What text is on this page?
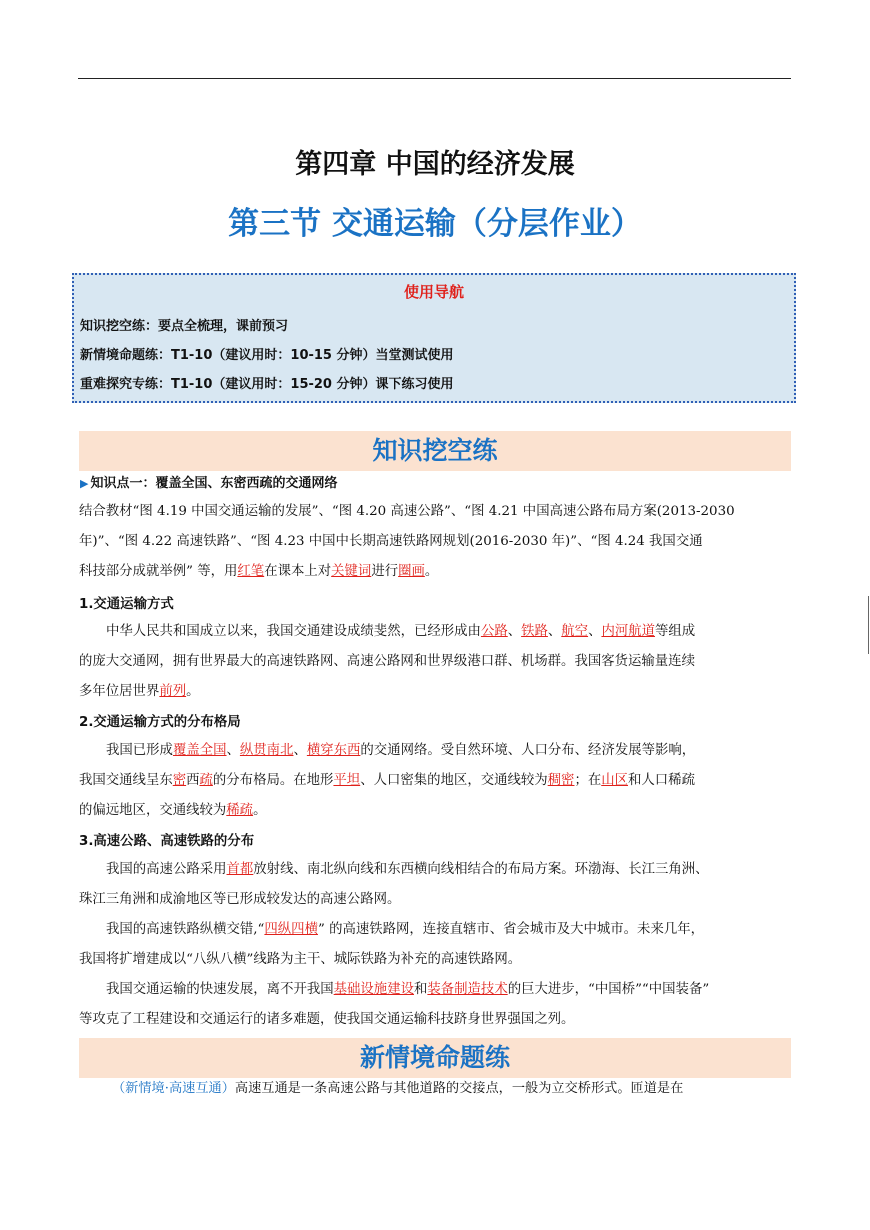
第四章 中国的经济发展
第三节 交通运输（分层作业）
使用导航
知识挖空练：要点全梳理，课前预习
新情境命题练：T1-10（建议用时：10-15 分钟）当堂测试使用
重难探究专练：T1-10（建议用时：15-20 分钟）课下练习使用
知识挖空练
▶ 知识点一：覆盖全国、东密西疏的交通网络
结合教材“图 4.19 中国交通运输的发展”、“图 4.20 高速公路”、“图 4.21 中国高速公路布局方案(2013-2030
年)”、“图 4.22 高速铁路”、“图 4.23 中国中长期高速铁路网规划(2016-2030 年)”、“图 4.24 我国交通
科技部分成就举例” 等，用红笔在课本上对关键词进行圈画。
1.交通运输方式
中华人民共和国成立以来，我国交通建设成绩斐然，已经形成由公路、铁路、航空、内河航道等组成
的庞大交通网，拥有世界最大的高速铁路网、高速公路网和世界级港口群、机场群。我国客货运输量连续
多年位居世界前列。
2.交通运输方式的分布格局
我国已形成覆盖全国、纵贯南北、横穿东西的交通网络。受自然环境、人口分布、经济发展等影响，
我国交通线呈东密西疏的分布格局。在地形平坦、人口密集的地区，交通线较为稠密；在山区和人口稀疏
的偏远地区，交通线较为稀疏。
3.高速公路、高速铁路的分布
我国的高速公路采用首都放射线、南北纵向线和东西横向线相结合的布局方案。环渤海、长江三角洲、
珠江三角洲和成渝地区等已形成较发达的高速公路网。
我国的高速铁路纵横交错,“四纵四横” 的高速铁路网，连接直辖市、省会城市及大中城市。未来几年，
我国将扩增建成以“八纵八横”线路为主干、城际铁路为补充的高速铁路网。
我国交通运输的快速发展，离不开我国基础设施建设和装备制造技术的巨大进步，“中国桥”“中国装备”
等攻克了工程建设和交通运行的诸多难题，使我国交通运输科技跻身世界强国之列。
新情境命题练
（新情境·高速互通）高速互通是一条高速公路与其他道路的交接点，一般为立交桥形式。匝道是在
